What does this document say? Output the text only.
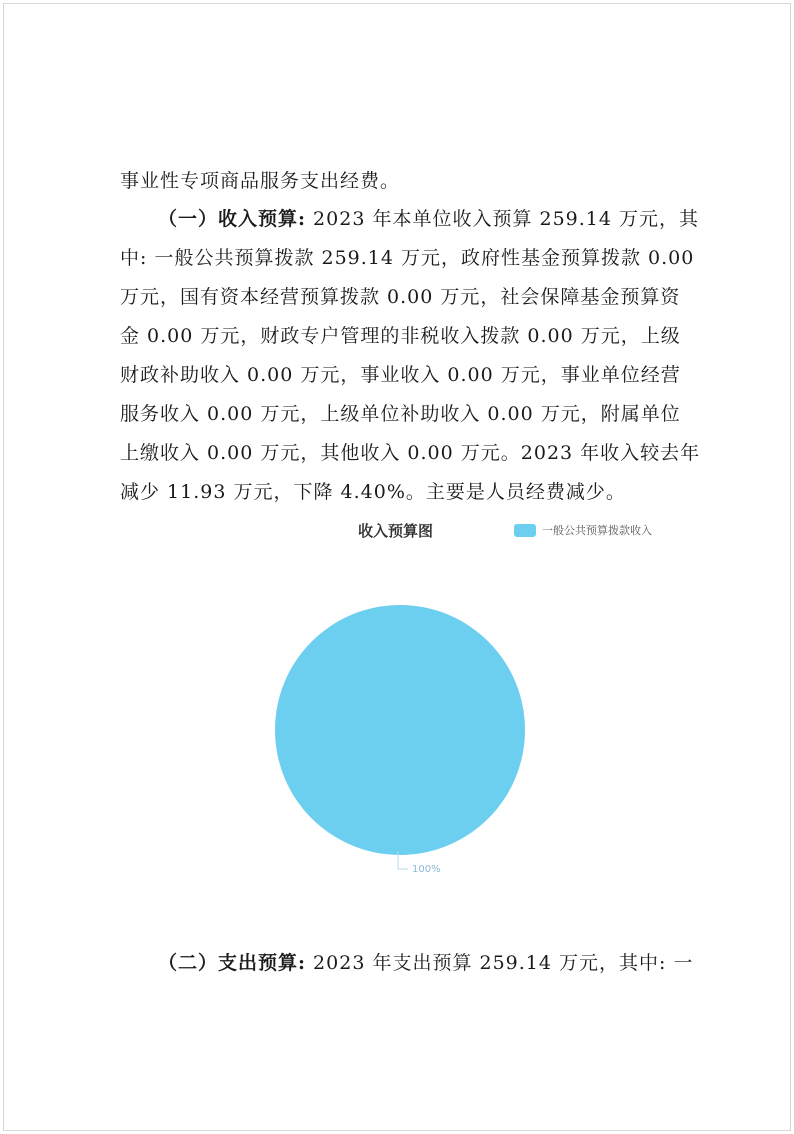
事业性专项商品服务支出经费。
（一）收入预算: 2023 年本单位收入预算 259.14 万元，其
中: 一般公共预算拨款 259.14 万元，政府性基金预算拨款 0.00
万元，国有资本经营预算拨款 0.00 万元，社会保障基金预算资
金 0.00 万元，财政专户管理的非税收入拨款 0.00 万元，上级
财政补助收入 0.00 万元，事业收入 0.00 万元，事业单位经营
服务收入 0.00 万元，上级单位补助收入 0.00 万元，附属单位
上缴收入 0.00 万元，其他收入 0.00 万元。2023 年收入较去年
减少 11.93 万元，下降 4.40%。主要是人员经费减少。
收入预算图	一般公共预算拨款收入
100%
（二）支出预算: 2023 年支出预算 259.14 万元，其中: 一
